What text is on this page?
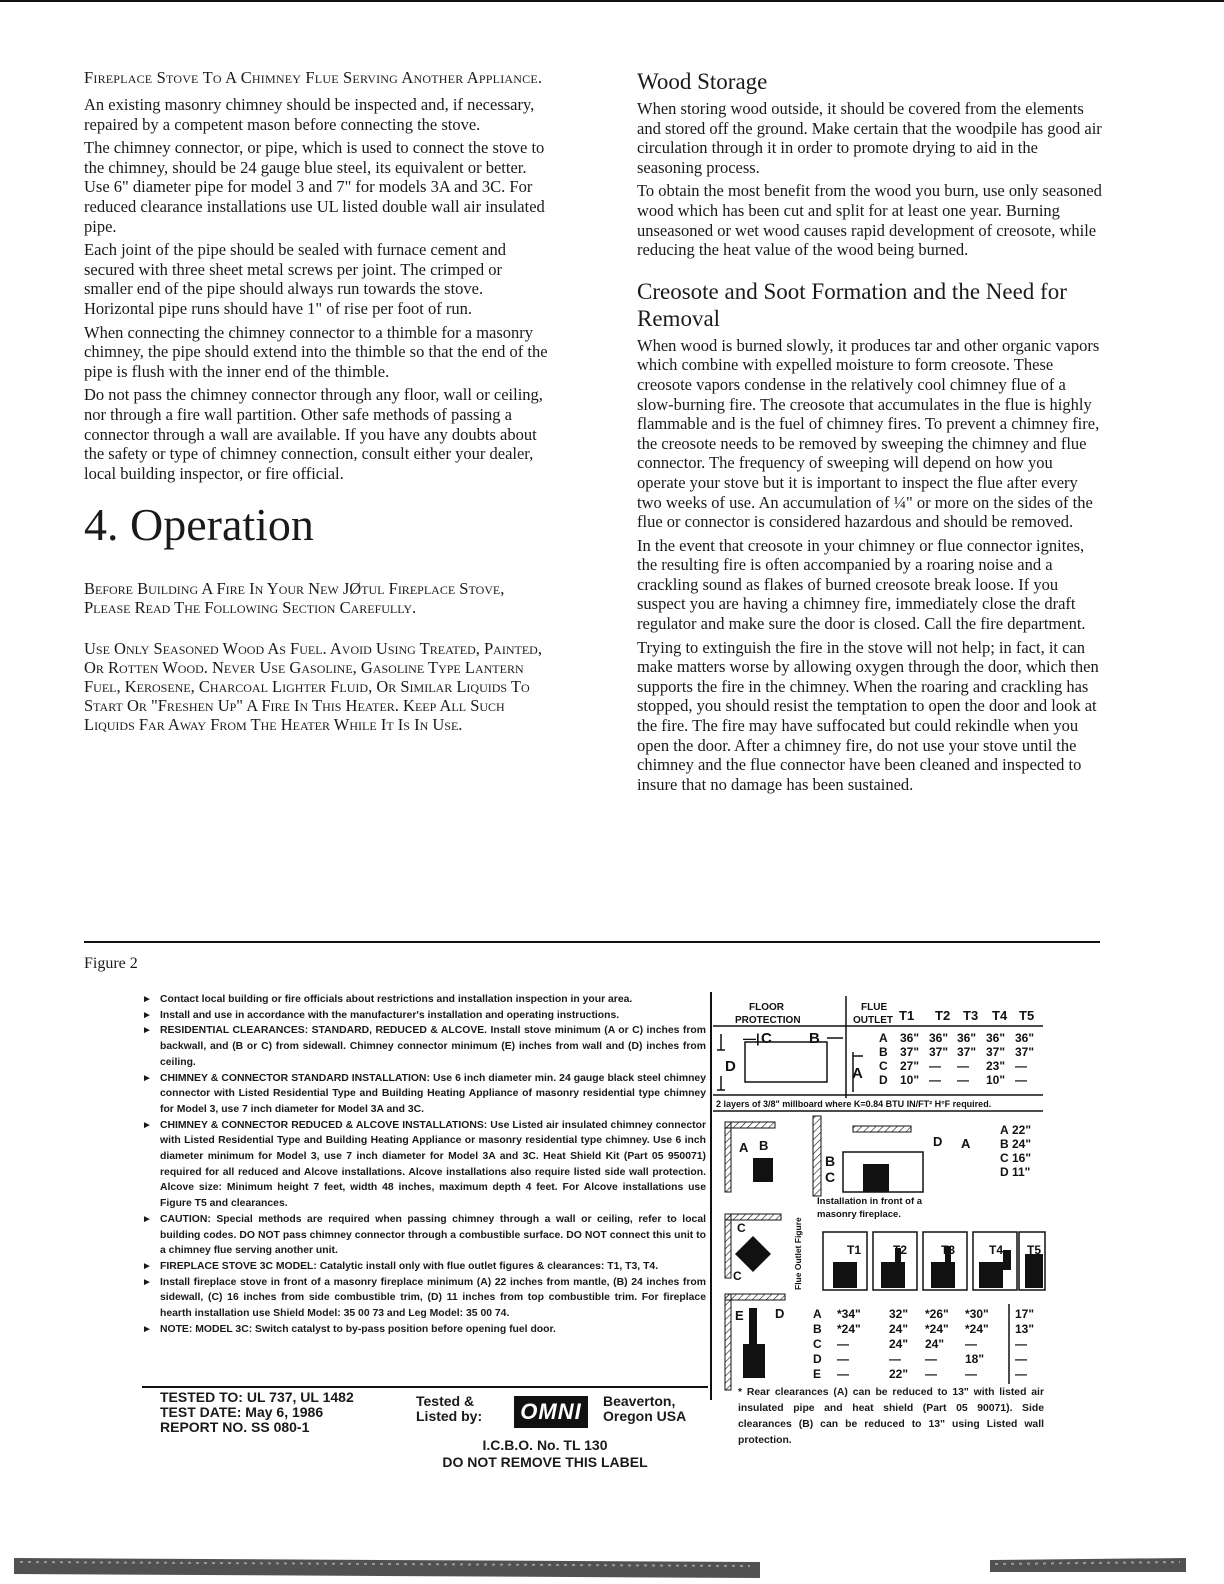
Fireplace Stove To A Chimney Flue Serving Another Appliance.

An existing masonry chimney should be inspected and, if necessary, repaired by a competent mason before connecting the stove.

The chimney connector, or pipe, which is used to connect the stove to the chimney, should be 24 gauge blue steel, its equivalent or better. Use 6" diameter pipe for model 3 and 7" for models 3A and 3C. For reduced clearance installations use UL listed double wall air insulated pipe.

Each joint of the pipe should be sealed with furnace cement and secured with three sheet metal screws per joint. The crimped or smaller end of the pipe should always run towards the stove. Horizontal pipe runs should have 1" of rise per foot of run.

When connecting the chimney connector to a thimble for a masonry chimney, the pipe should extend into the thimble so that the end of the pipe is flush with the inner end of the thimble.

Do not pass the chimney connector through any floor, wall or ceiling, nor through a fire wall partition. Other safe methods of passing a connector through a wall are available. If you have any doubts about the safety or type of chimney connection, consult either your dealer, local building inspector, or fire official.

4. Operation

Before Building A Fire In Your New JØtul Fireplace Stove, Please Read The Following Section Carefully.

Use Only Seasoned Wood As Fuel. Avoid Using Treated, Painted, Or Rotten Wood. Never Use Gasoline, Gasoline Type Lantern Fuel, Kerosene, Charcoal Lighter Fluid, Or Similar Liquids To Start Or "Freshen Up" A Fire In This Heater. Keep All Such Liquids Far Away From The Heater While It Is In Use.

Wood Storage

When storing wood outside, it should be covered from the elements and stored off the ground. Make certain that the woodpile has good air circulation through it in order to promote drying to aid in the seasoning process.

To obtain the most benefit from the wood you burn, use only seasoned wood which has been cut and split for at least one year. Burning unseasoned or wet wood causes rapid development of creosote, while reducing the heat value of the wood being burned.

Creosote and Soot Formation and the Need for Removal

When wood is burned slowly, it produces tar and other organic vapors which combine with expelled moisture to form creosote. These creosote vapors condense in the relatively cool chimney flue of a slow-burning fire. The creosote that accumulates in the flue is highly flammable and is the fuel of chimney fires. To prevent a chimney fire, the creosote needs to be removed by sweeping the chimney and flue connector. The frequency of sweeping will depend on how you operate your stove but it is important to inspect the flue after every two weeks of use. An accumulation of ¼" or more on the sides of the flue or connector is considered hazardous and should be removed.

In the event that creosote in your chimney or flue connector ignites, the resulting fire is often accompanied by a roaring noise and a crackling sound as flakes of burned creosote break loose. If you suspect you are having a chimney fire, immediately close the draft regulator and make sure the door is closed. Call the fire department.

Trying to extinguish the fire in the stove will not help; in fact, it can make matters worse by allowing oxygen through the door, which then supports the fire in the chimney. When the roaring and crackling has stopped, you should resist the temptation to open the door and look at the fire. The fire may have suffocated but could rekindle when you open the door. After a chimney fire, do not use your stove until the chimney and the flue connector have been cleaned and inspected to insure that no damage has been sustained.

Figure 2
► Contact local building or fire officials about restrictions and installation inspection in your area.
► Install and use in accordance with the manufacturer's installation and operating instructions.
► RESIDENTIAL CLEARANCES: STANDARD, REDUCED & ALCOVE. Install stove minimum (A or C) inches from backwall, and (B or C) from sidewall. Chimney connector minimum (E) inches from wall and (D) inches from ceiling.
► CHIMNEY & CONNECTOR STANDARD INSTALLATION: Use 6 inch diameter min. 24 gauge black steel chimney connector with Listed Residential Type and Building Heating Appliance of masonry residential type chimney for Model 3, use 7 inch diameter for Model 3A and 3C.
► CHIMNEY & CONNECTOR REDUCED & ALCOVE INSTALLATIONS: Use Listed air insulated chimney connector with Listed Residential Type and Building Heating Appliance or masonry residential type chimney. Use 6 inch diameter minimum for Model 3, use 7 inch diameter for Model 3A and 3C. Heat Shield Kit (Part 05 950071) required for all reduced and Alcove installations. Alcove installations also require listed side wall protection. Alcove size: Minimum height 7 feet, width 48 inches, maximum depth 4 feet. For Alcove installations use Figure T5 and clearances.
► CAUTION: Special methods are required when passing chimney through a wall or ceiling, refer to local building codes. DO NOT pass chimney connector through a combustible surface. DO NOT connect this unit to a chimney flue serving another unit.
► FIREPLACE STOVE 3C MODEL: Catalytic install only with flue outlet figures & clearances: T1, T3, T4.
► Install fireplace stove in front of a masonry fireplace minimum (A) 22 inches from mantle, (B) 24 inches from sidewall, (C) 16 inches from side combustible trim, (D) 11 inches from top combustible trim. For fireplace hearth installation use Shield Model: 35 00 73 and Leg Model: 35 00 74.
► NOTE: MODEL 3C: Switch catalyst to by-pass position before opening fuel door.
TESTED TO: UL 737, UL 1482
TEST DATE: May 6, 1986
REPORT NO. SS 080-1
Tested &
Listed by: OMNI	Beaverton,
Oregon USA
I.C.B.O. No. TL 130
DO NOT REMOVE THIS LABEL
FLOOR
PROTECTION
FLUE
OUTLET T1 T2 T3 T4 T5
—| C B
D	A
A 36" 36" 36" 36" 36"
B 37" 37" 37" 37" 37"
C 27" — — 23" —
D 10" — — 10" —
2 layers of 3/8" millboard where K=0.84 BTU IN/FT² H°F required.
A B
B
C
D A
A 22"
B 24"
C 16"
D 11"
Installation in front of a
masonry fireplace.
C
C	Flue Outlet Figure	T1	T2	T3	T4 T5
E D A *34" 32" *26" *30" 17"
B *24" 24" *24" *24" 13"
C —	24" 24" —	—
D —	— — 18"	—
E —	22" — —	—
* Rear clearances (A) can be reduced to 13" with listed air insulated pipe and heat shield (Part 05 90071). Side clearances (B) can be reduced to 13" using Listed wall protection.
